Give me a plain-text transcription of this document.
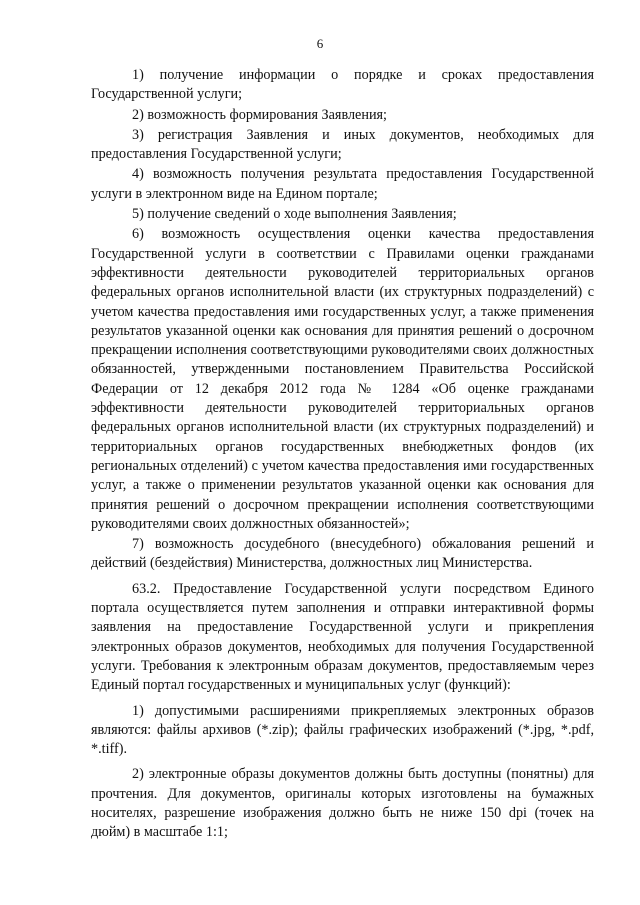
6

1) получение информации о порядке и сроках предоставления Государственной услуги;

2) возможность формирования Заявления;

3) регистрация Заявления и иных документов, необходимых для предоставления Государственной услуги;

4) возможность получения результата предоставления Государственной услуги в электронном виде на Едином портале;

5) получение сведений о ходе выполнения Заявления;

6) возможность осуществления оценки качества предоставления Государственной услуги в соответствии с Правилами оценки гражданами эффективности деятельности руководителей территориальных органов федеральных органов исполнительной власти (их структурных подразделений) с учетом качества предоставления ими государственных услуг, а также применения результатов указанной оценки как основания для принятия решений о досрочном прекращении исполнения соответствующими руководителями своих должностных обязанностей, утвержденными постановлением Правительства Российской Федерации от 12 декабря 2012 года № 1284 «Об оценке гражданами эффективности деятельности руководителей территориальных органов федеральных органов исполнительной власти (их структурных подразделений) и территориальных органов государственных внебюджетных фондов (их региональных отделений) с учетом качества предоставления ими государственных услуг, а также о применении результатов указанной оценки как основания для принятия решений о досрочном прекращении исполнения соответствующими руководителями своих должностных обязанностей»;

7) возможность досудебного (внесудебного) обжалования решений и действий (бездействия) Министерства, должностных лиц Министерства.

63.2. Предоставление Государственной услуги посредством Единого портала осуществляется путем заполнения и отправки интерактивной формы заявления на предоставление Государственной услуги и прикрепления электронных образов документов, необходимых для получения Государственной услуги. Требования к электронным образам документов, предоставляемым через Единый портал государственных и муниципальных услуг (функций):

1) допустимыми расширениями прикрепляемых электронных образов являются: файлы архивов (*.zip); файлы графических изображений (*.jpg, *.pdf, *.tiff).

2) электронные образы документов должны быть доступны (понятны) для прочтения. Для документов, оригиналы которых изготовлены на бумажных носителях, разрешение изображения должно быть не ниже 150 dpi (точек на дюйм) в масштабе 1:1;
